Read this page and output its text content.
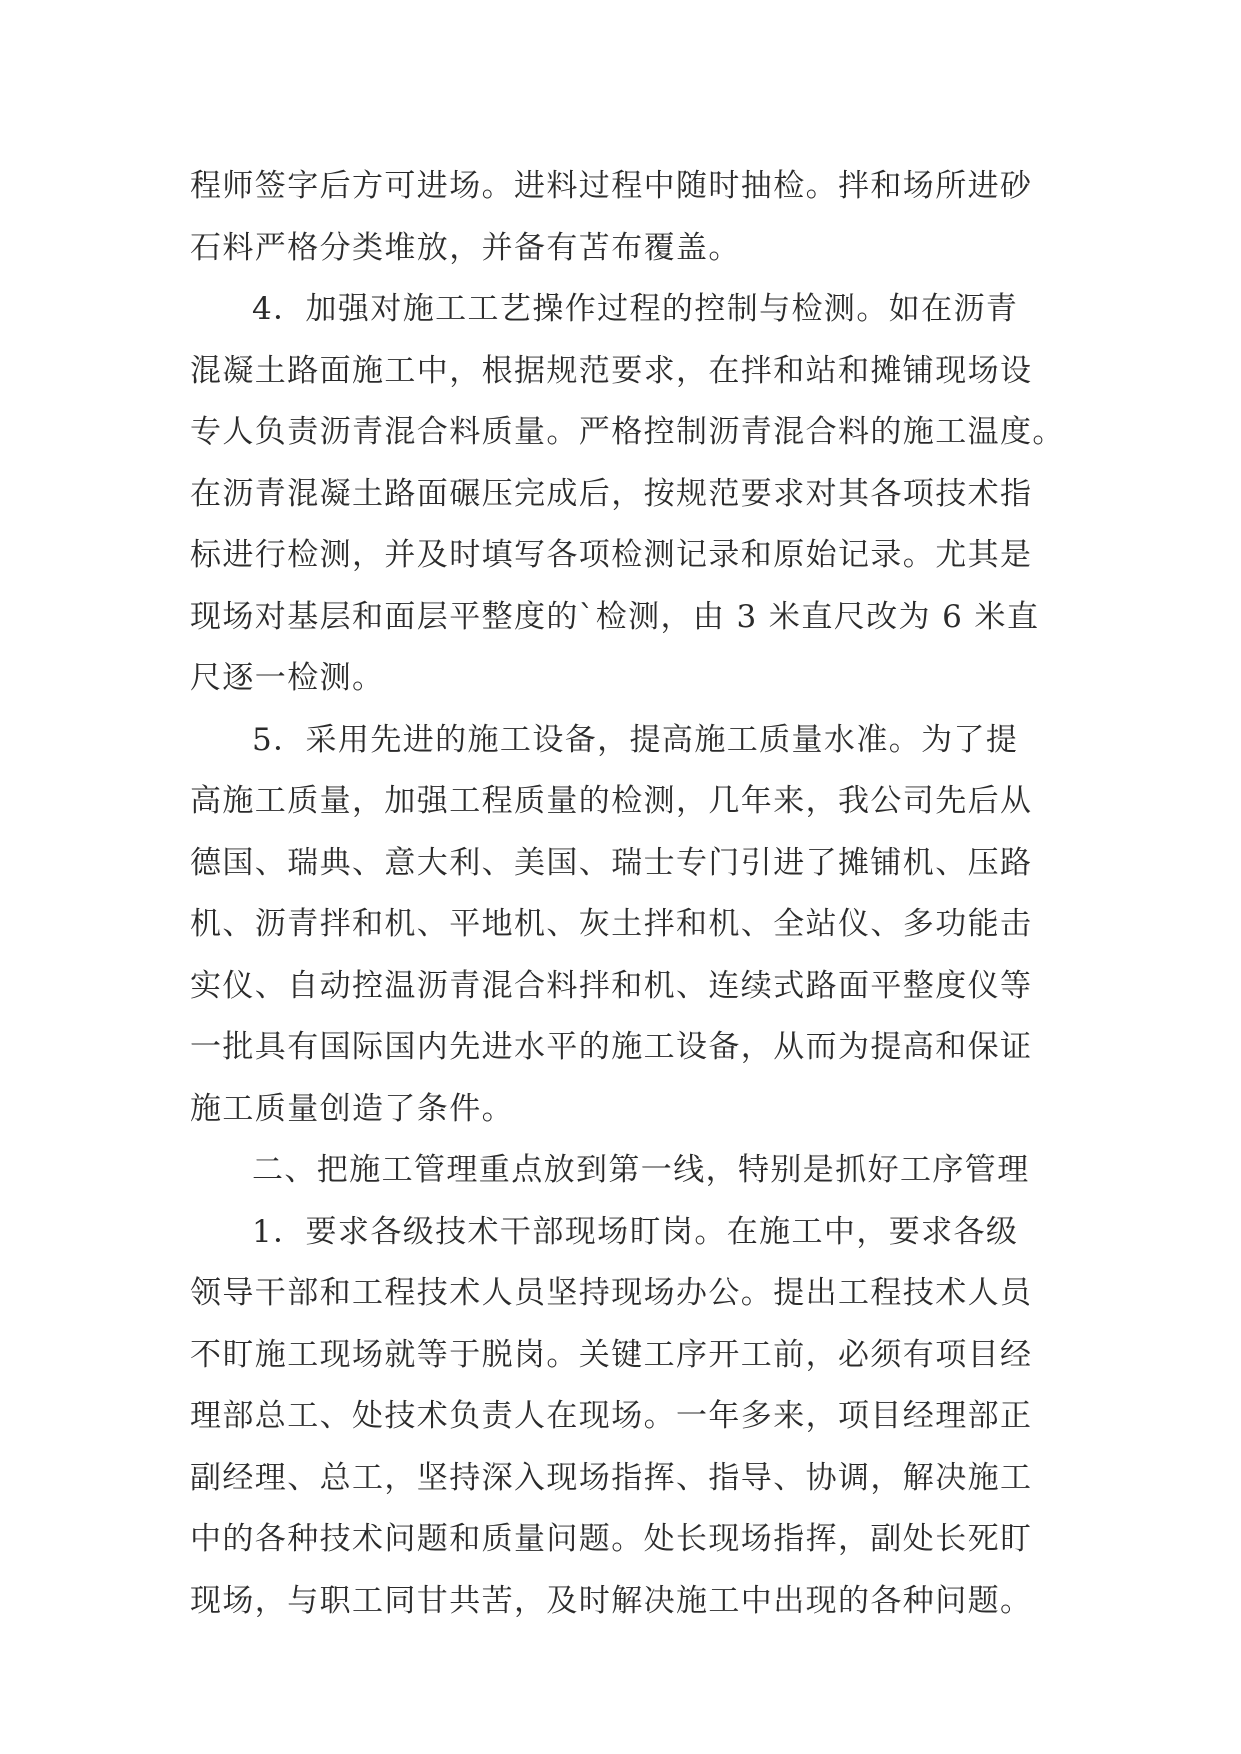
程师签字后方可进场。进料过程中随时抽检。拌和场所进砂
石料严格分类堆放，并备有苫布覆盖。
4．加强对施工工艺操作过程的控制与检测。如在沥青
混凝土路面施工中，根据规范要求，在拌和站和摊铺现场设
专人负责沥青混合料质量。严格控制沥青混合料的施工温度。
在沥青混凝土路面碾压完成后，按规范要求对其各项技术指
标进行检测，并及时填写各项检测记录和原始记录。尤其是
现场对基层和面层平整度的`检测，由 3 米直尺改为 6 米直
尺逐一检测。
5．采用先进的施工设备，提高施工质量水准。为了提
高施工质量，加强工程质量的检测，几年来，我公司先后从
德国、瑞典、意大利、美国、瑞士专门引进了摊铺机、压路
机、沥青拌和机、平地机、灰土拌和机、全站仪、多功能击
实仪、自动控温沥青混合料拌和机、连续式路面平整度仪等
一批具有国际国内先进水平的施工设备，从而为提高和保证
施工质量创造了条件。
二、把施工管理重点放到第一线，特别是抓好工序管理
1．要求各级技术干部现场盯岗。在施工中，要求各级
领导干部和工程技术人员坚持现场办公。提出工程技术人员
不盯施工现场就等于脱岗。关键工序开工前，必须有项目经
理部总工、处技术负责人在现场。一年多来，项目经理部正
副经理、总工，坚持深入现场指挥、指导、协调，解决施工
中的各种技术问题和质量问题。处长现场指挥，副处长死盯
现场，与职工同甘共苦，及时解决施工中出现的各种问题。
